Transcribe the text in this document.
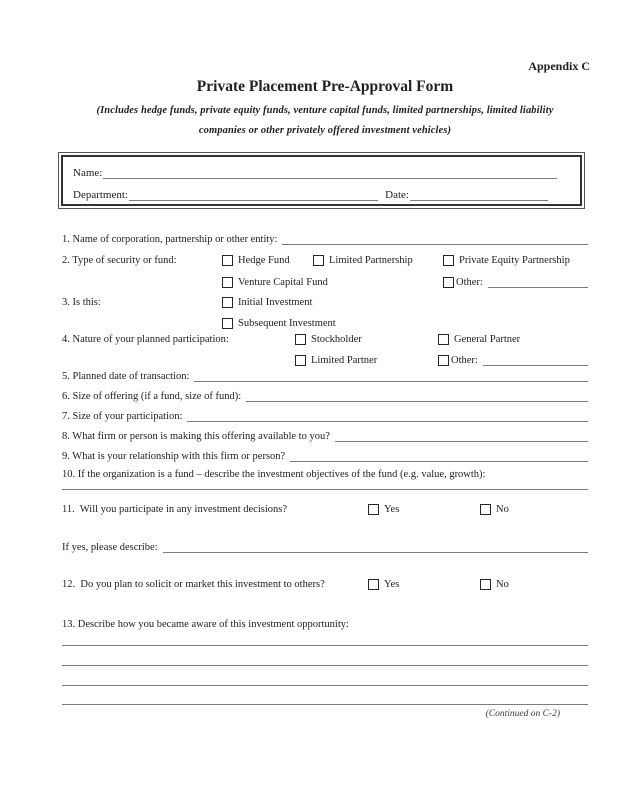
Appendix C
Private Placement Pre-Approval Form
(Includes hedge funds, private equity funds, venture capital funds, limited partnerships, limited liability
companies or other privately offered investment vehicles)
Name:
Department:	Date:
1. Name of corporation, partnership or other entity:
2. Type of security or fund:	Hedge Fund	Limited Partnership	Private Equity Partnership
Venture Capital Fund	Other:
3. Is this:	Initial Investment
Subsequent Investment
4. Nature of your planned participation:	Stockholder	General Partner
Limited Partner	Other:
5. Planned date of transaction:
6. Size of offering (if a fund, size of fund):
7. Size of your participation:
8. What firm or person is making this offering available to you?
9. What is your relationship with this firm or person?
10. If the organization is a fund – describe the investment objectives of the fund (e.g. value, growth):
11.  Will you participate in any investment decisions?	Yes	No
If yes, please describe:
12.  Do you plan to solicit or market this investment to others?	Yes	No
13. Describe how you became aware of this investment opportunity:
(Continued on C-2)
